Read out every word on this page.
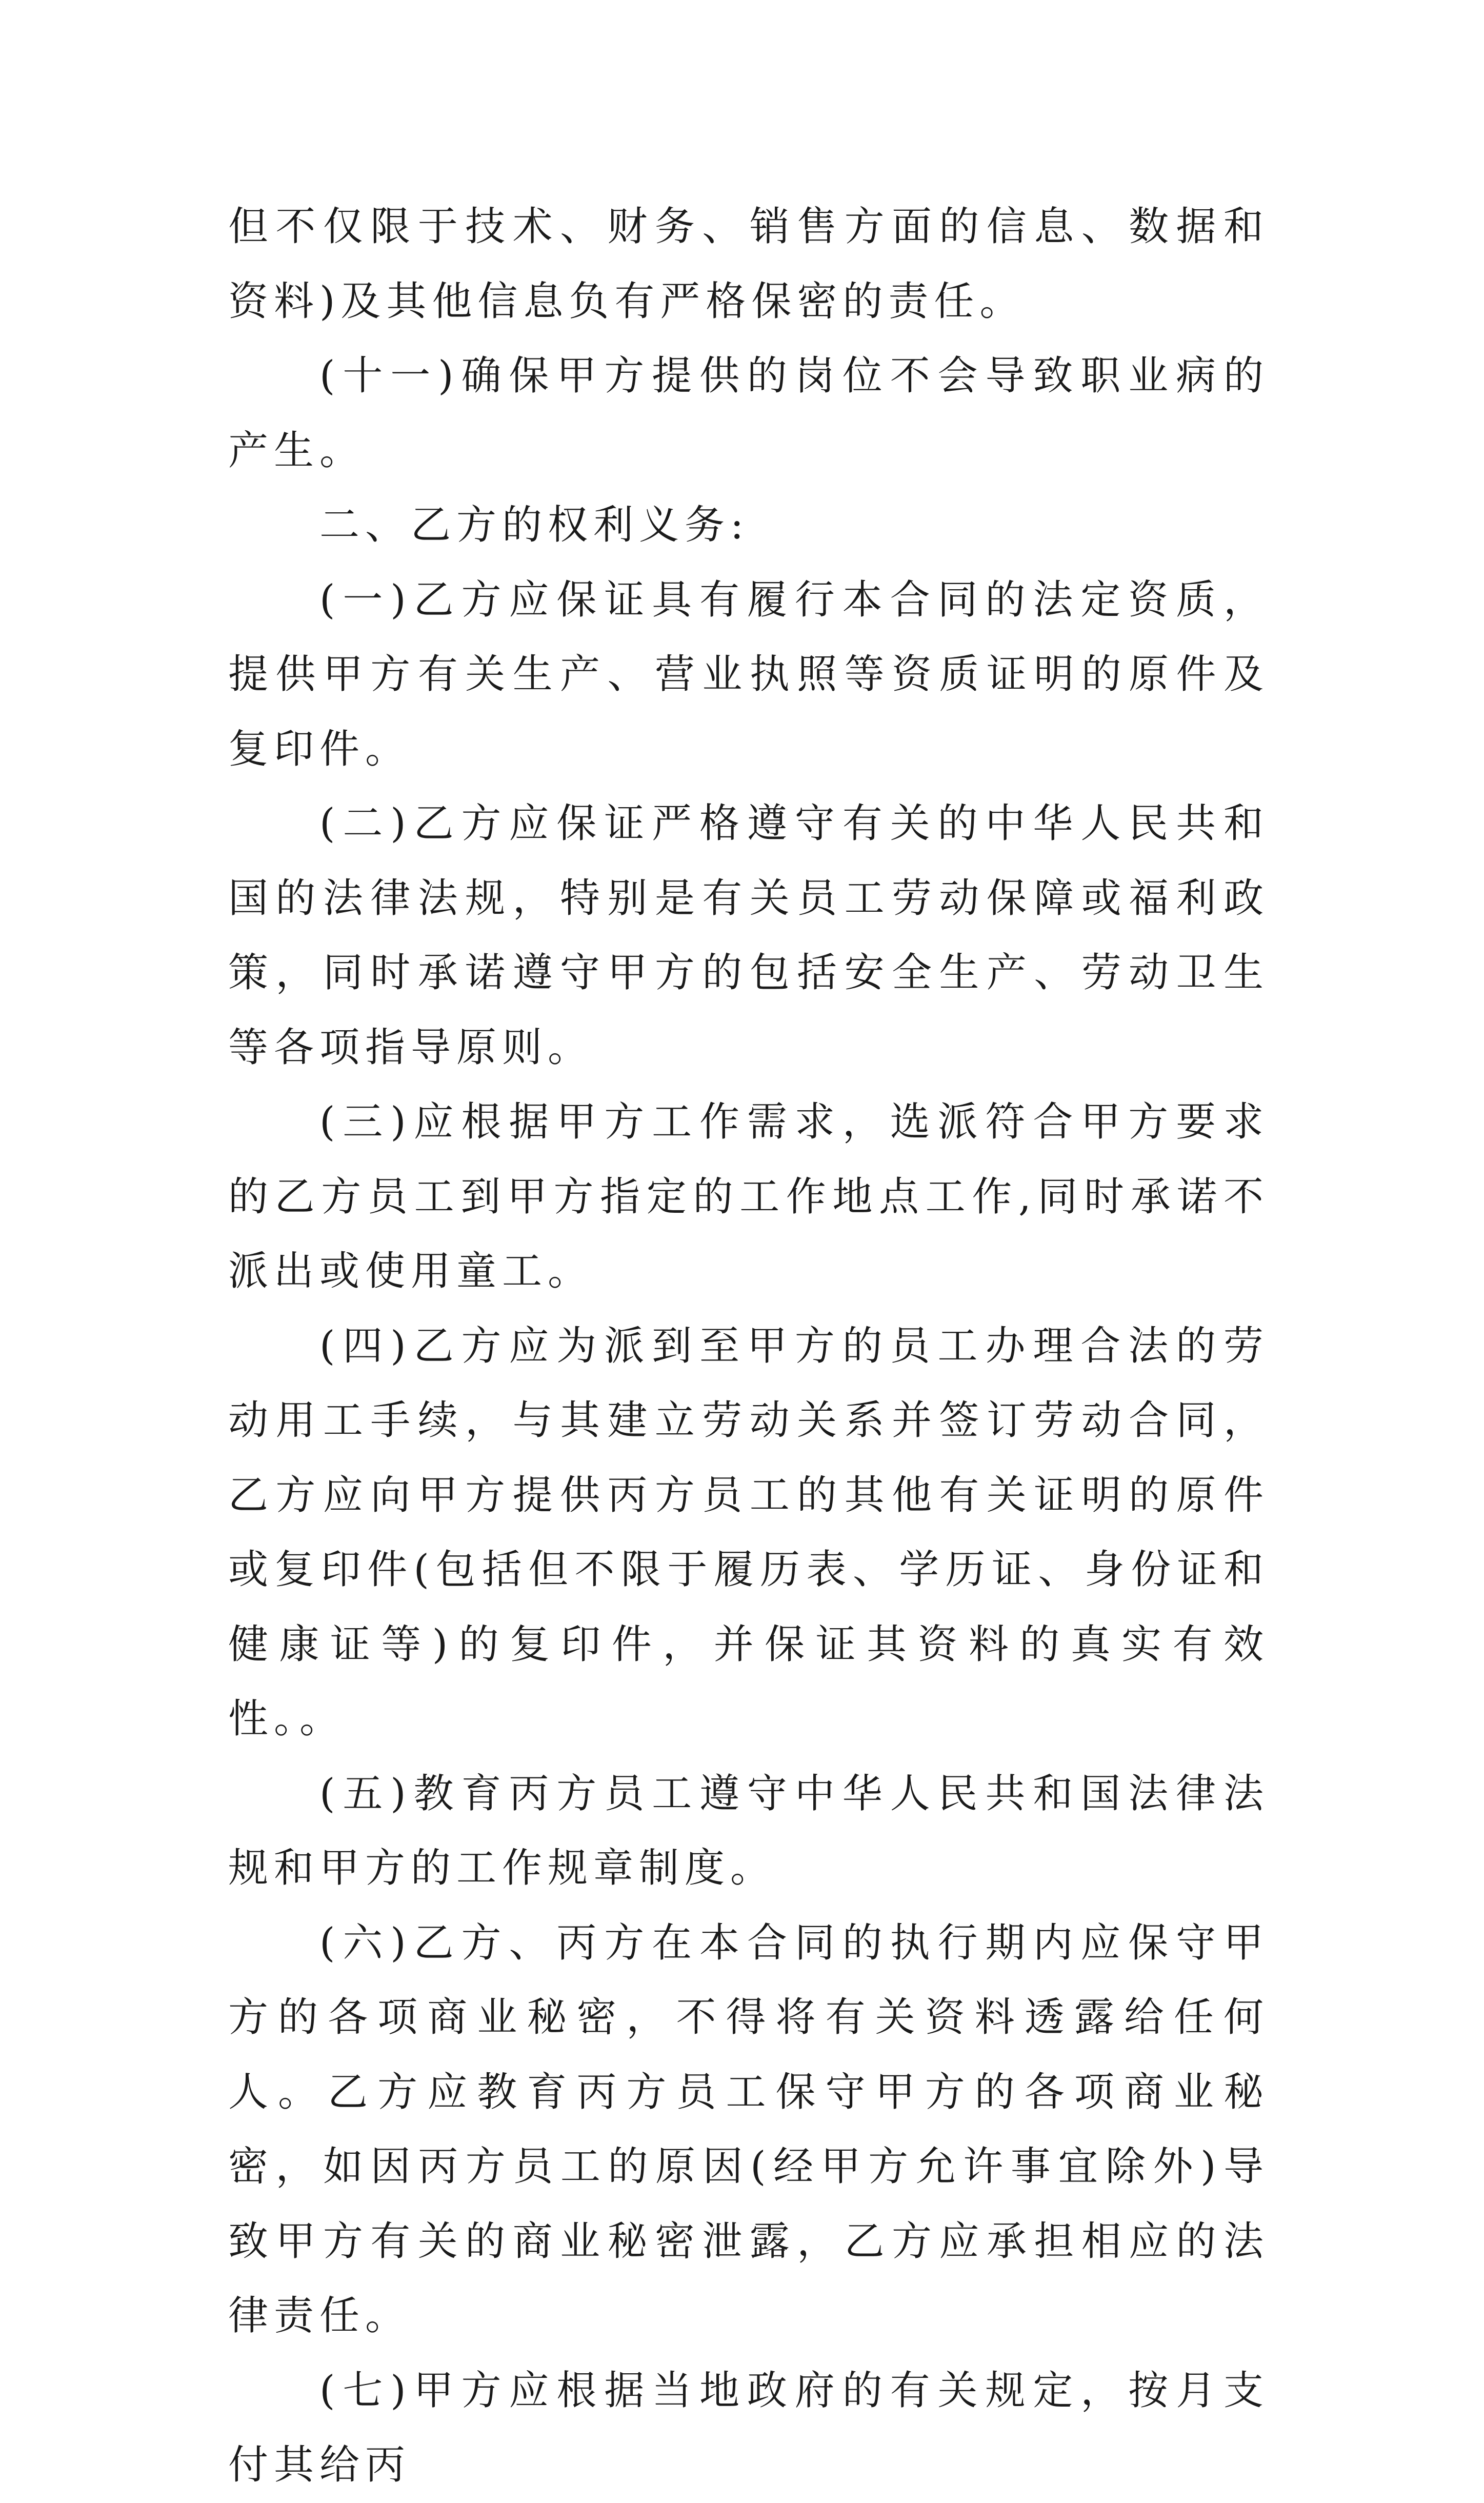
但不仅限于技术、财务、销售方面的信息、数据和资料)及其他信息负有严格保密的责任。

(十一)确保甲方提供的岗位不会导致职业病的产生。

二、乙方的权利义务:

(一)乙方应保证具有履行本合同的法定资质，提供甲方有关生产、营业执照等资质证明的原件及复印件。

(二)乙方应保证严格遵守有关的中华人民共和国的法律法规，特别是有关员工劳动保障或福利政策，同时承诺遵守甲方的包括安全生产、劳动卫生等各项指导原则。

(三)应根据甲方工作需求，选派符合甲方要求的乙方员工到甲方指定的工作地点工作,同时承诺不派出或使用童工。

(四)乙方应为派到至甲方的员工办理合法的劳动用工手续，与其建立劳动关系并签订劳动合同，乙方应向甲方提供丙方员工的其他有关证明的原件或复印件(包括但不限于履历表、学历证、身份证和健康证等)的复印件，并保证其资料的真实有效性。。

(五)教育丙方员工遵守中华人民共和国法律法规和甲方的工作规章制度。

(六)乙方、丙方在本合同的执行期内应保守甲方的各项商业秘密，不得将有关资料透露给任何人。乙方应教育丙方员工保守甲方的各项商业秘密，如因丙方员工的原因(经甲方允许事宜除外)导致甲方有关的商业秘密泄露，乙方应承担相应的法律责任。

(七)甲方应根据当地政府的有关规定，按月支付其给丙
